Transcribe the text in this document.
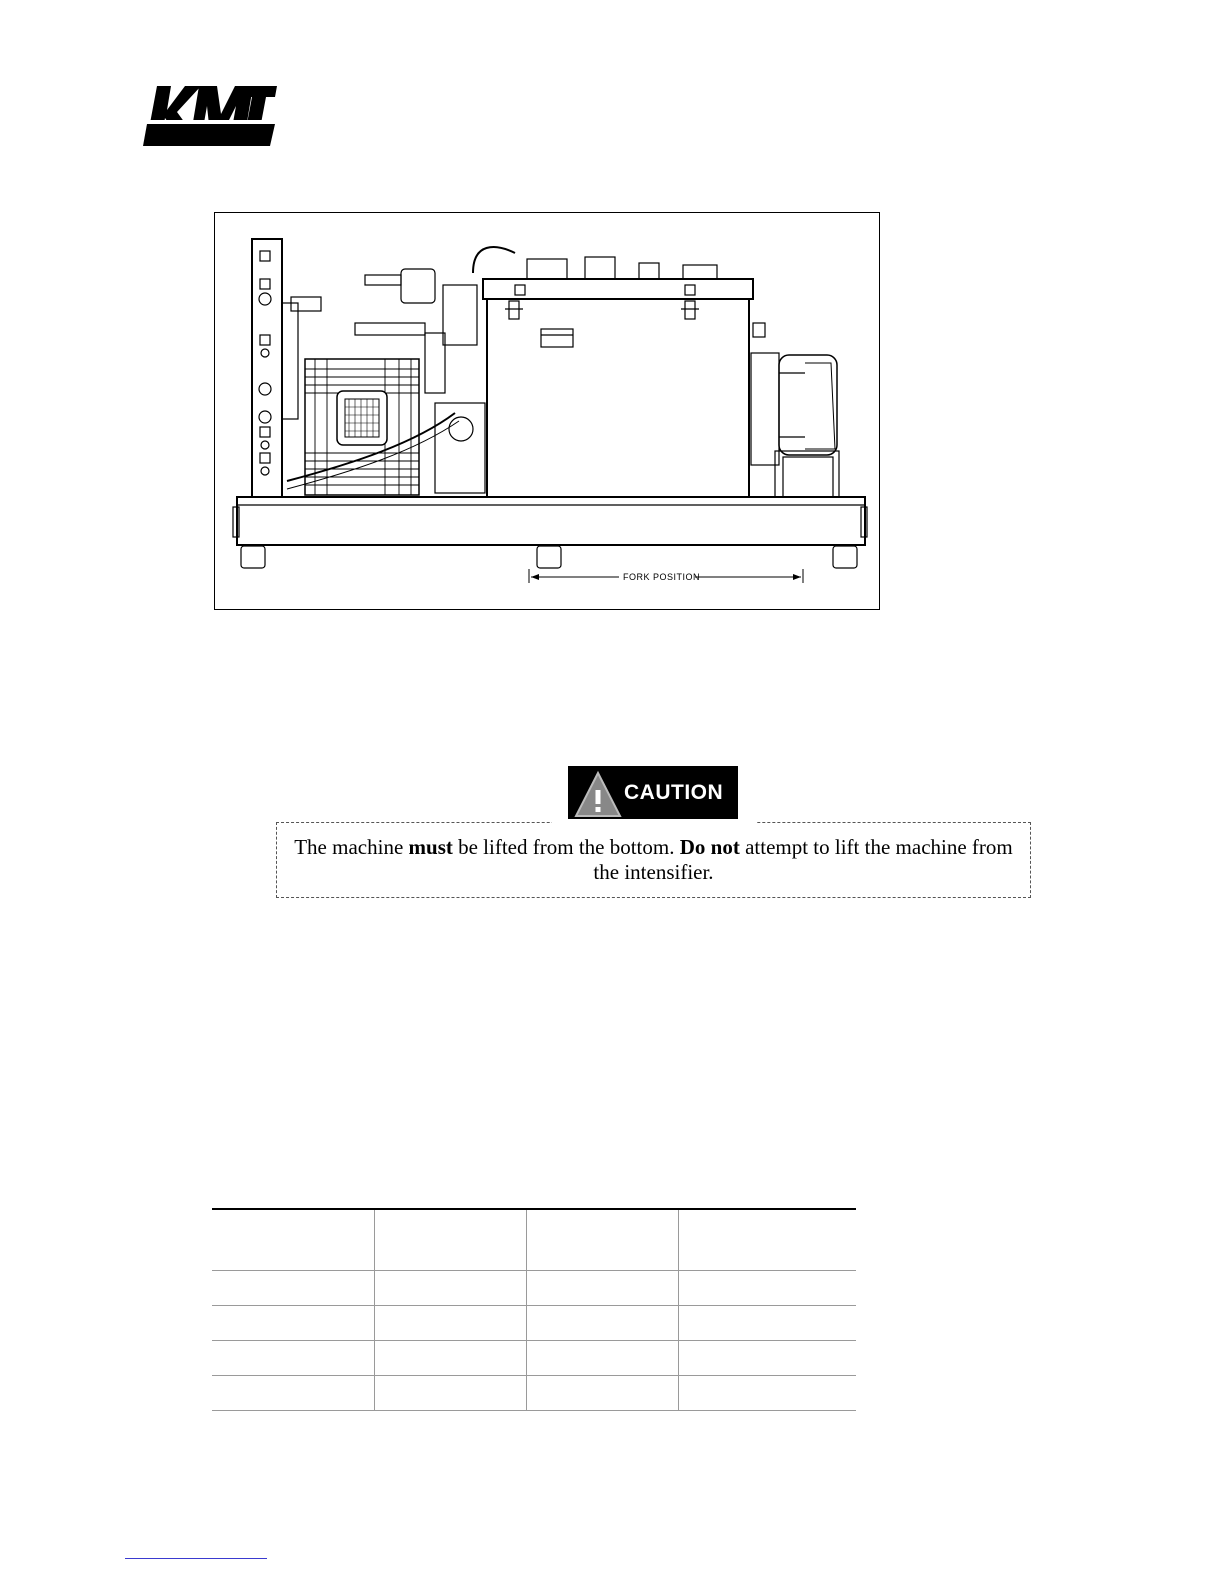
FORK POSITION
CAUTION
The machine must be lifted from the bottom. Do not attempt to lift the machine from the intensifier.
